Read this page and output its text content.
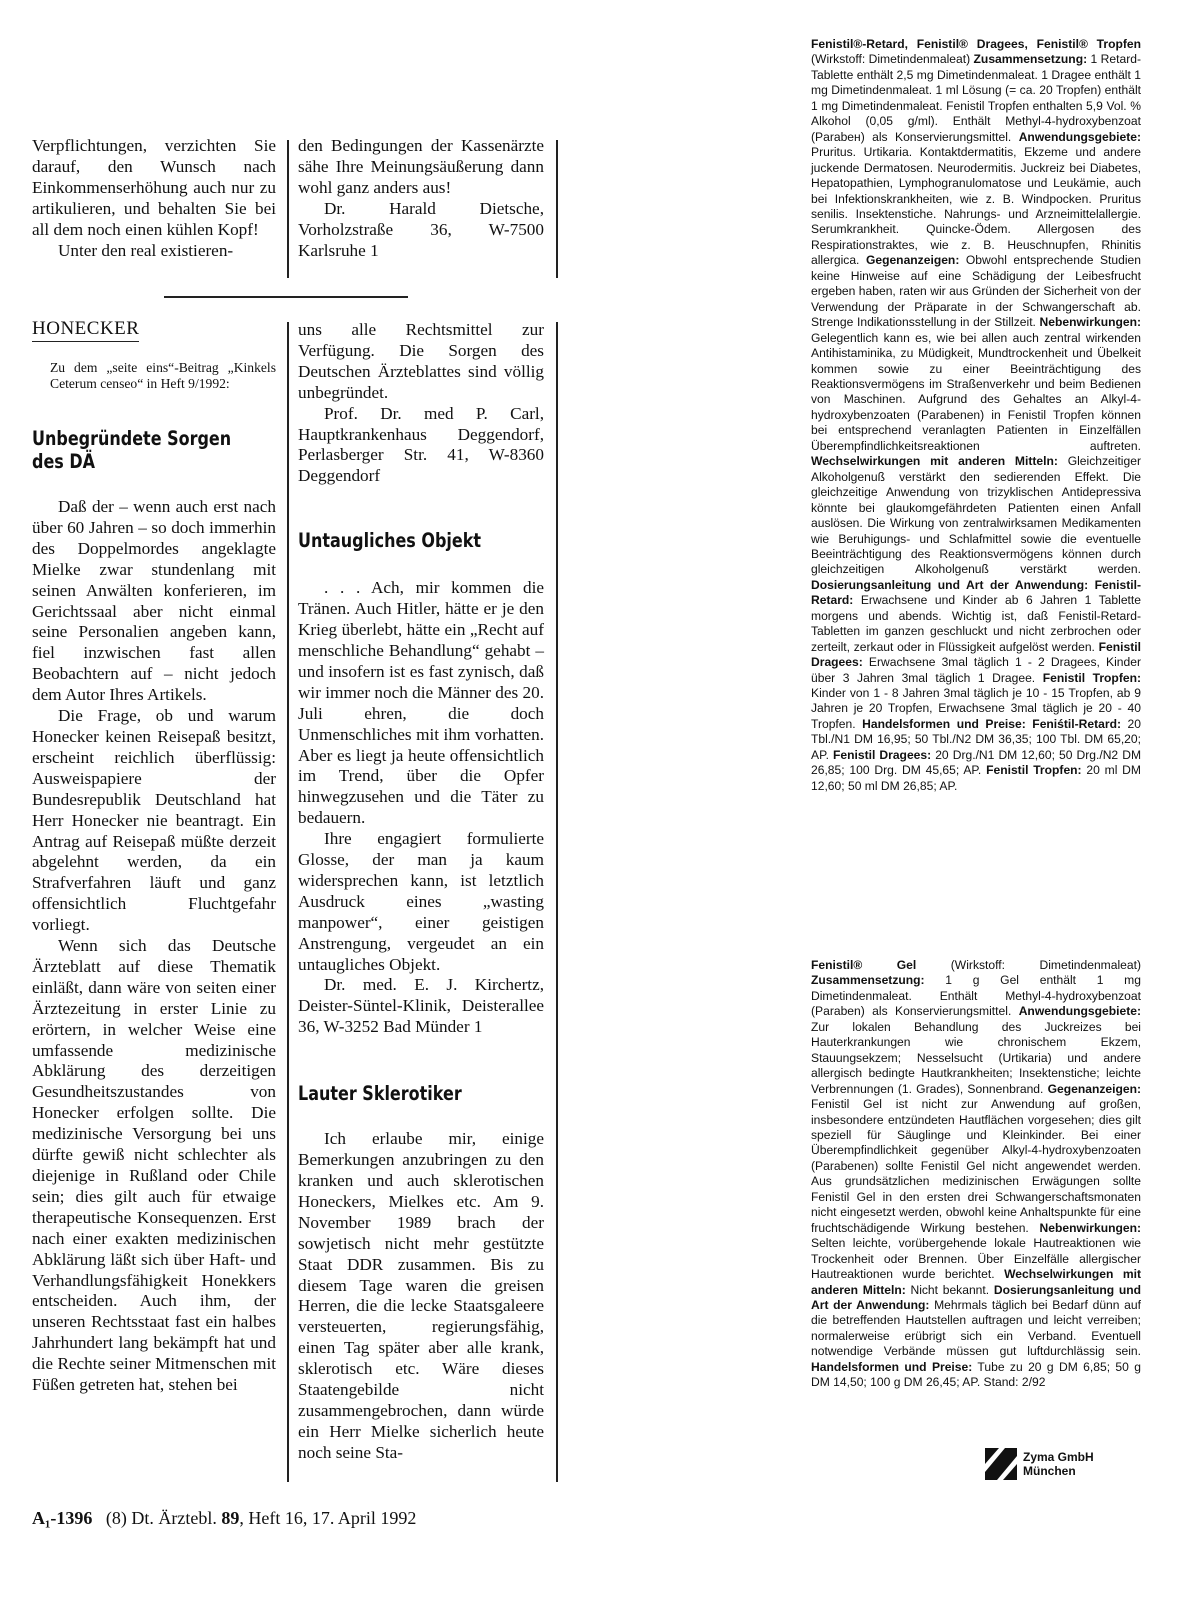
Verpflichtungen, verzichten Sie darauf, den Wunsch nach Einkommenserhöhung auch nur zu artikulieren, und behalten Sie bei all dem noch einen kühlen Kopf!

Unter den real existieren-

den Bedingungen der Kassenärzte sähe Ihre Meinungsäußerung dann wohl ganz anders aus!

Dr. Harald Dietsche, Vorholzstraße 36, W-7500 Karlsruhe 1

HONECKER
Zu dem „seite eins“-Beitrag „Kinkels Ceterum censeo“ in Heft 9/1992:
Unbegründete Sorgen
des DÄ

Daß der – wenn auch erst nach über 60 Jahren – so doch immerhin des Doppelmordes angeklagte Mielke zwar stundenlang mit seinen Anwälten konferieren, im Gerichtssaal aber nicht einmal seine Personalien angeben kann, fiel inzwischen fast allen Beobachtern auf – nicht jedoch dem Autor Ihres Artikels.

Die Frage, ob und warum Honecker keinen Reisepaß besitzt, erscheint reichlich überflüssig: Ausweispapiere der Bundesrepublik Deutschland hat Herr Honecker nie beantragt. Ein Antrag auf Reisepaß müßte derzeit abgelehnt werden, da ein Strafverfahren läuft und ganz offensichtlich Fluchtgefahr vorliegt.

Wenn sich das Deutsche Ärzteblatt auf diese Thematik einläßt, dann wäre von seiten einer Ärztezeitung in erster Linie zu erörtern, in welcher Weise eine umfassende medizinische Abklärung des derzeitigen Gesundheitszustandes von Honecker erfolgen sollte. Die medizinische Versorgung bei uns dürfte gewiß nicht schlechter als diejenige in Rußland oder Chile sein; dies gilt auch für etwaige therapeutische Konsequenzen. Erst nach einer exakten medizinischen Abklärung läßt sich über Haft- und Verhandlungsfähigkeit Honekkers entscheiden. Auch ihm, der unseren Rechtsstaat fast ein halbes Jahrhundert lang bekämpft hat und die Rechte seiner Mitmenschen mit Füßen getreten hat, stehen bei

uns alle Rechtsmittel zur Verfügung. Die Sorgen des Deutschen Ärzteblattes sind völlig unbegründet.

Prof. Dr. med P. Carl, Hauptkrankenhaus Deggendorf, Perlasberger Str. 41, W-8360 Deggendorf

Untaugliches Objekt

. . . Ach, mir kommen die Tränen. Auch Hitler, hätte er je den Krieg überlebt, hätte ein „Recht auf menschliche Behandlung“ gehabt – und insofern ist es fast zynisch, daß wir immer noch die Männer des 20. Juli ehren, die doch Unmenschliches mit ihm vorhatten. Aber es liegt ja heute offensichtlich im Trend, über die Opfer hinwegzusehen und die Täter zu bedauern.

Ihre engagiert formulierte Glosse, der man ja kaum widersprechen kann, ist letztlich Ausdruck eines „wasting manpower“, einer geistigen Anstrengung, vergeudet an ein untaugliches Objekt.

Dr. med. E. J. Kirchertz, Deister-Süntel-Klinik, Deisterallee 36, W-3252 Bad Münder 1

Lauter Sklerotiker

Ich erlaube mir, einige Bemerkungen anzubringen zu den kranken und auch sklerotischen Honeckers, Mielkes etc. Am 9. November 1989 brach der sowjetisch nicht mehr gestützte Staat DDR zusammen. Bis zu diesem Tage waren die greisen Herren, die die lecke Staatsgaleere versteuerten, regierungsfähig, einen Tag später aber alle krank, sklerotisch etc. Wäre dieses Staatengebilde nicht zusammengebrochen, dann würde ein Herr Mielke sicherlich heute noch seine Sta-

Fenistil®-Retard, Fenistil® Dragees, Fenistil® Tropfen (Wirkstoff: Dimetindenmaleat) Zusammensetzung: 1 Retard-Tablette enthält 2,5 mg Dimetindenmaleat. 1 Dragee enthält 1 mg Dimetindenmaleat. 1 ml Lösung (= ca. 20 Tropfen) enthält 1 mg Dimetindenmaleat. Fenistil Tropfen enthalten 5,9 Vol. % Alkohol (0,05 g/ml). Enthält Methyl-4-hydroxybenzoat (Parabeн) als Konservierungsmittel. Anwendungsgebiete: Pruritus. Urtikaria. Kontaktdermatitis, Ekzeme und andere juckende Dermatosen. Neurodermitis. Juckreiz bei Diabetes, Hepatopathien, Lymphogranulomatose und Leukämie, auch bei Infektionskrankheiten, wie z. B. Windpocken. Pruritus senilis. Insektenstiche. Nahrungs- und Arzneimittelallergie. Serumkrankheit. Quincke-Ödem. Allergosen des Respirationstraktes, wie z. B. Heuschnupfen, Rhinitis allergica. Gegenanzeigen: Obwohl entsprechende Studien keine Hinweise auf eine Schädigung der Leibesfrucht ergeben haben, raten wir aus Gründen der Sicherheit von der Verwendung der Präparate in der Schwangerschaft ab. Strenge Indikationsstellung in der Stillzeit. Nebenwirkungen: Gelegentlich kann es, wie bei allen auch zentral wirkenden Antihistaminika, zu Müdigkeit, Mundtrockenheit und Übelkeit kommen sowie zu einer Beeinträchtigung des Reaktionsvermögens im Straßenverkehr und beim Bedienen von Maschinen. Aufgrund des Gehaltes an Alkyl-4-hydroxybenzoaten (Parabenen) in Fenistil Tropfen können bei entsprechend veranlagten Patienten in Einzelfällen Überempfindlichkeitsreaktionen auftreten. Wechselwirkungen mit anderen Mitteln: Gleichzeitiger Alkoholgenuß verstärkt den sedierenden Effekt. Die gleichzeitige Anwendung von trizyklischen Antidepressiva könnte bei glaukomgefährdeten Patienten einen Anfall auslösen. Die Wirkung von zentralwirksamen Medikamenten wie Beruhigungs- und Schlafmittel sowie die eventuelle Beeinträchtigung des Reaktionsvermögens können durch gleichzeitigen Alkoholgenuß verstärkt werden. Dosierungsanleitung und Art der Anwendung: Fenistil-Retard: Erwachsene und Kinder ab 6 Jahren 1 Tablette morgens und abends. Wichtig ist, daß Fenistil-Retard-Tabletten im ganzen geschluckt und nicht zerbrochen oder zerteilt, zerkaut oder in Flüssigkeit aufgelöst werden. Fenistil Dragees: Erwachsene 3mal täglich 1 - 2 Dragees, Kinder über 3 Jahren 3mal täglich 1 Dragee. Fenistil Tropfen: Kinder von 1 - 8 Jahren 3mal täglich je 10 - 15 Tropfen, ab 9 Jahren je 20 Tropfen, Erwachsene 3mal täglich je 20 - 40 Tropfen. Handelsformen und Preise: Feniśtil-Retard: 20 Tbl./N1 DM 16,95; 50 Tbl./N2 DM 36,35; 100 Tbl. DM 65,20; AP. Fenistil Dragees: 20 Drg./N1 DM 12,60; 50 Drg./N2 DM 26,85; 100 Drg. DM 45,65; AP. Fenistil Tropfen: 20 ml DM 12,60; 50 ml DM 26,85; AP.
Fenistil® Gel (Wirkstoff: Dimetindenmaleat) Zusammensetzung: 1 g Gel enthält 1 mg Dimetindenmaleat. Enthält Methyl-4-hydroxybenzoat (Paraben) als Konservierungsmittel. Anwendungsgebiete: Zur lokalen Behandlung des Juckreizes bei Hauterkrankungen wie chronischem Ekzem, Stauungsekzem; Nesselsucht (Urtikaria) und andere allergisch bedingte Hautkrankheiten; Insektenstiche; leichte Verbrennungen (1. Grades), Sonnenbrand. Gegenanzeigen: Fenistil Gel ist nicht zur Anwendung auf großen, insbesondere entzündeten Hautflächen vorgesehen; dies gilt speziell für Säuglinge und Kleinkinder. Bei einer Überempfindlichkeit gegenüber Alkyl-4-hydroxybenzoaten (Parabenen) sollte Fenistil Gel nicht angewendet werden. Aus grundsätzlichen medizinischen Erwägungen sollte Fenistil Gel in den ersten drei Schwangerschaftsmonaten nicht eingesetzt werden, obwohl keine Anhaltspunkte für eine fruchtschädigende Wirkung bestehen. Nebenwirkungen: Selten leichte, vorübergehende lokale Hautreaktionen wie Trockenheit oder Brennen. Über Einzelfälle allergischer Hautreaktionen wurde berichtet. Wechselwirkungen mit anderen Mitteln: Nicht bekannt. Dosierungsanleitung und Art der Anwendung: Mehrmals täglich bei Bedarf dünn auf die betreffenden Hautstellen auftragen und leicht verreiben; normalerweise erübrigt sich ein Verband. Eventuell notwendige Verbände müssen gut luftdurchlässig sein. Handelsformen und Preise: Tube zu 20 g DM 6,85; 50 g DM 14,50; 100 g DM 26,45; AP. Stand: 2/92
Zyma GmbH
München
A₁-1396 (8) Dt. Ärztebl. 89, Heft 16, 17. April 1992
